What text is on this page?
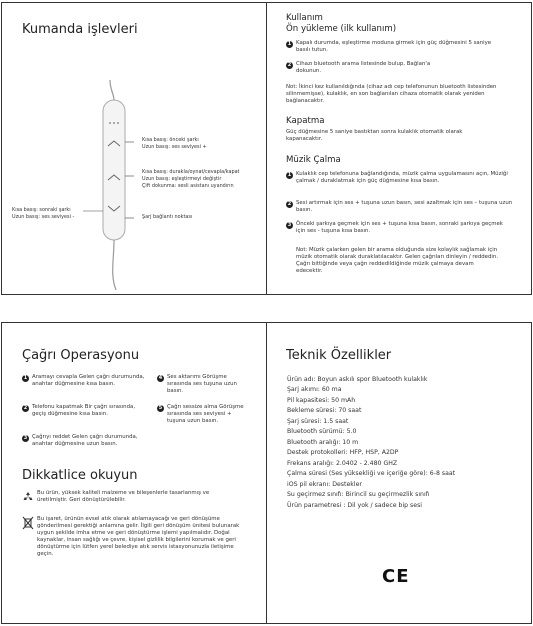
Kumanda işlevleri
Kısa basış: önceki şarkı
Uzun basış: ses seviyesi +
Kısa basış: durakla/oynat/cevapla/kapat
Uzun basış: eşleştirmeyi değiştir
Çift dokunma: sesli asistanı uyandırın
Kısa basış: sonraki şarkı
Uzun basış: ses seviyesi -	Şarj bağlantı noktası
Kullanım
Ön yükleme (ilk kullanım)
1 Kapalı durumda, eşleştirme moduna girmek için güç düğmesini 5 saniye basılı tutun.
2 Cihazı bluetooth arama listesinde bulup, Bağlan'a dokunun.
Not: İkinci kez kullanıldığında (cihaz adı cep telefonunun bluetooth listesinden silinmemişse), kulaklık, en son bağlanılan cihaza otomatik olarak yeniden bağlanacaktır.
Kapatma
Güç düğmesine 5 saniye bastıktan sonra kulaklık otomatik olarak kapanacaktır.
Müzik Çalma
1 Kulaklık cep telefonuna bağlandığında, müzik çalma uygulamasını açın, Müziği çalmak / duraklatmak için güç düğmesine kısa basın.
2 Sesi artırmak için ses + tuşuna uzun basın, sesi azaltmak için ses – tuşuna uzun basın.
3 Önceki şarkıya geçmek için ses + tuşuna kısa basın, sonraki şarkıya geçmek için ses - tuşuna kısa basın.
Not: Müzik çalarken gelen bir arama olduğunda size kolaylık sağlamak için müzik otomatik olarak duraklatılacaktır. Gelen çağrıları dinleyin / reddedin. Çağrı bittiğinde veya çağrı reddedildiğinde müzik çalmaya devam edecektir.
Çağrı Operasyonu
1 Aramayı cevapla Gelen çağrı durumunda, anahtar düğmesine kısa basın.
2 Telefonu kapatmak Bir çağrı sırasında, geçiş düğmesine kısa basın.
3 Çağrıyı reddet Gelen çağrı durumunda, anahtar düğmesine uzun basın.
4 Ses aktarımı Görüşme sırasında ses tuşuna uzun basın.
5 Çağrı sessize alma Görüşme sırasında ses seviyesi + tuşuna uzun basın.
Dikkatlice okuyun
Bu ürün, yüksek kaliteli malzeme ve bileşenlerle tasarlanmış ve üretilmiştir. Geri dönüştürülebilir.
Bu işaret, ürünün evsel atık olarak atılamayacağı ve geri dönüşüme gönderilmesi gerektiği anlamına gelir. İlgili geri dönüşüm ünitesi bulunarak uygun şekilde imha etme ve geri dönüştürme işlemi yapılmalıdır. Doğal kaynaklar, insan sağlığı ve çevre, kişisel gizlilik bilgilerini korumak ve geri dönüştürme için lütfen yerel belediye atık servis istasyonunuzla iletişime geçin.
Teknik Özellikler
Ürün adı: Boyun askılı spor Bluetooth kulaklık
Şarj akımı: 60 ma
Pil kapasitesi: 50 mAh
Bekleme süresi: 70 saat
Şarj süresi: 1.5 saat
Bluetooth sürümü: 5.0
Bluetooth aralığı: 10 m
Destek protokolleri: HFP, HSP, A2DP
Frekans aralığı: 2.0402 - 2.480 GHZ
Çalma süresi (Ses yüksekliği ve içeriğe göre): 6-8 saat
iOS pil ekranı: Destekler
Su geçirmez sınıfı: Birincil su geçirmezlik sınıfı
Ürün parametresi : Dil yok / sadece bip sesi
CE
